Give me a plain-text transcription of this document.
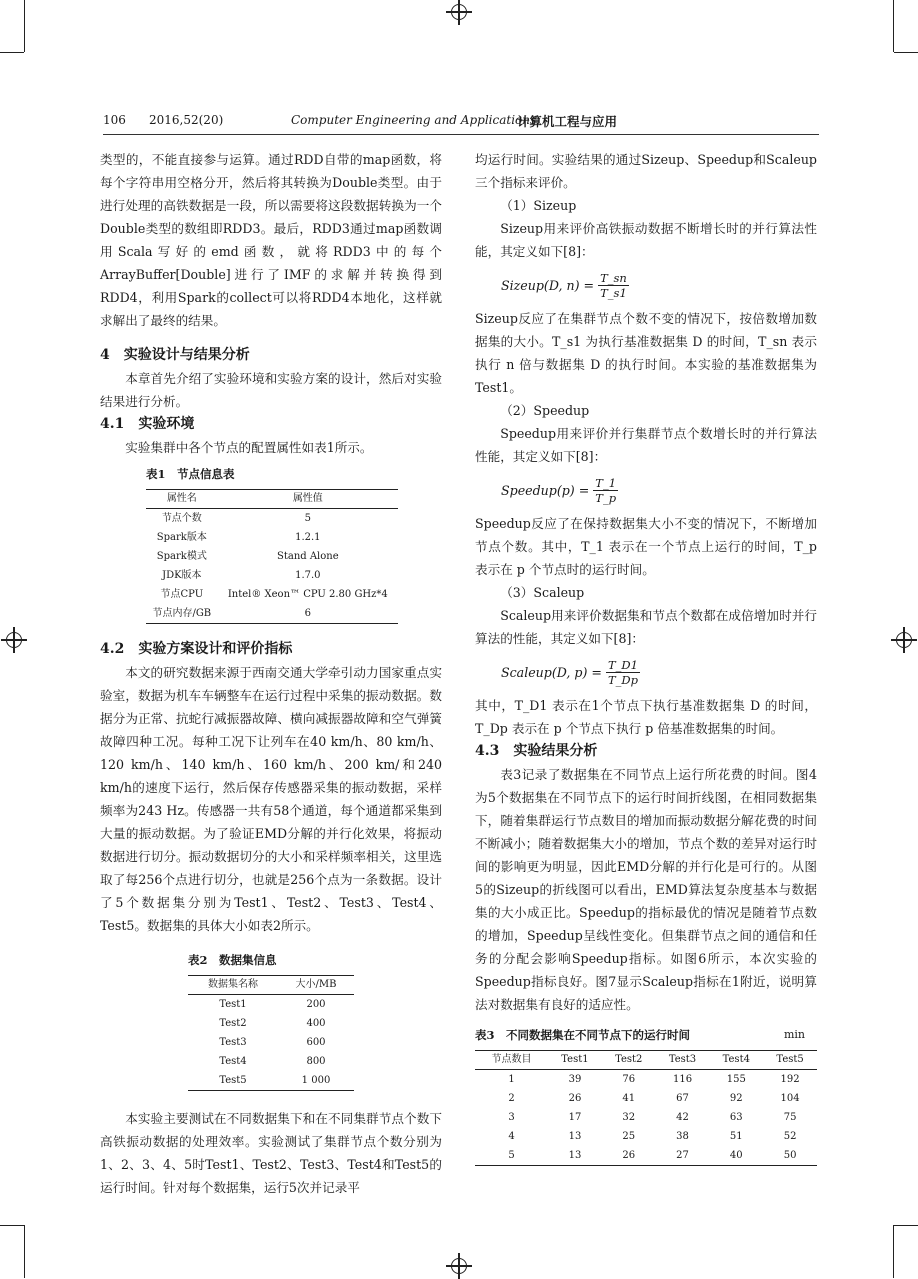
106 2016,52(20)	Computer Engineering and Applications
计算机工程与应用

类型的，不能直接参与运算。通过RDD自带的map函数，将每个字符串用空格分开，然后将其转换为Double类型。由于进行处理的高铁数据是一段，所以需要将这段数据转换为一个Double类型的数组即RDD3。最后，RDD3通过map函数调用Scala写好的emd函数，就将RDD3中的每个ArrayBuffer[Double]进行了IMF的求解并转换得到RDD4，利用Spark的collect可以将RDD4本地化，这样就求解出了最终的结果。

4　实验设计与结果分析

本章首先介绍了实验环境和实验方案的设计，然后对实验结果进行分析。

4.1　实验环境

实验集群中各个节点的配置属性如表1所示。

表1　节点信息表

属性名	属性值
节点个数	5
Spark版本	1.2.1
Spark模式	Stand Alone
JDK版本	1.7.0
节点CPU	Intel® Xeon™ CPU 2.80 GHz*4
节点内存/GB	6

4.2　实验方案设计和评价指标

本文的研究数据来源于西南交通大学牵引动力国家重点实验室，数据为机车车辆整车在运行过程中采集的振动数据。数据分为正常、抗蛇行减振器故障、横向减振器故障和空气弹簧故障四种工况。每种工况下让列车在40 km/h、80 km/h、120 km/h、140 km/h、160 km/h、200 km/和240 km/h的速度下运行，然后保存传感器采集的振动数据，采样频率为243 Hz。传感器一共有58个通道，每个通道都采集到大量的振动数据。为了验证EMD分解的并行化效果，将振动数据进行切分。振动数据切分的大小和采样频率相关，这里选取了每256个点进行切分，也就是256个点为一条数据。设计了5个数据集分别为Test1、Test2、Test3、Test4、Test5。数据集的具体大小如表2所示。

表2　数据集信息

数据集名称	大小/MB
Test1	200
Test2	400
Test3	600
Test4	800
Test5	1 000

本实验主要测试在不同数据集下和在不同集群节点个数下高铁振动数据的处理效率。实验测试了集群节点个数分别为1、2、3、4、5时Test1、Test2、Test3、Test4和Test5的运行时间。针对每个数据集，运行5次并记录平

均运行时间。实验结果的通过Sizeup、Speedup和Scaleup三个指标来评价。

（1）Sizeup

Sizeup用来评价高铁振动数据不断增长时的并行算法性能，其定义如下[8]：

Sizeup(D, $n) = \frac{T\_sn}{T\_s1}$

Sizeup反应了在集群节点个数不变的情况下，按倍数增加数据集的大小。T_s1 为执行基准数据集 D 的时间，T_sn 表示执行 n 倍与数据集 D 的执行时间。本实验的基准数据集为Test1。

（2）Speedup

Speedup用来评价并行集群节点个数增长时的并行算法性能，其定义如下[8]：

Speedup(p) = $\frac{T\_1}{T\_p}$

Speedup反应了在保持数据集大小不变的情况下，不断增加节点个数。其中，T_1 表示在一个节点上运行的时间，T_p 表示在 p 个节点时的运行时间。

（3）Scaleup

Scaleup用来评价数据集和节点个数都在成倍增加时并行算法的性能，其定义如下[8]：

Scaleup(D, $p) = \frac{T\_D1}{T\_Dp}$

其中，T_D1 表示在1个节点下执行基准数据集 D 的时间，T_Dp 表示在 p 个节点下执行 p 倍基准数据集的时间。

4.3　实验结果分析

表3记录了数据集在不同节点上运行所花费的时间。图4为5个数据集在不同节点下的运行时间折线图，在相同数据集下，随着集群运行节点数目的增加而振动数据分解花费的时间不断减小；随着数据集大小的增加，节点个数的差异对运行时间的影响更为明显，因此EMD分解的并行化是可行的。从图5的Sizeup的折线图可以看出，EMD算法复杂度基本与数据集的大小成正比。Speedup的指标最优的情况是随着节点数的增加，Speedup呈线性变化。但集群节点之间的通信和任务的分配会影响Speedup指标。如图6所示，本次实验的Speedup指标良好。图7显示Scaleup指标在1附近，说明算法对数据集有良好的适应性。

表3　不同数据集在不同节点下的运行时间	min
节点数目	Test1	Test2	Test3	Test4	Test5
1	39	76	116	155	192
2	26	41	67	92	104
3	17	32	42	63	75
4	13	25	38	51	52
5	13	26	27	40	50
